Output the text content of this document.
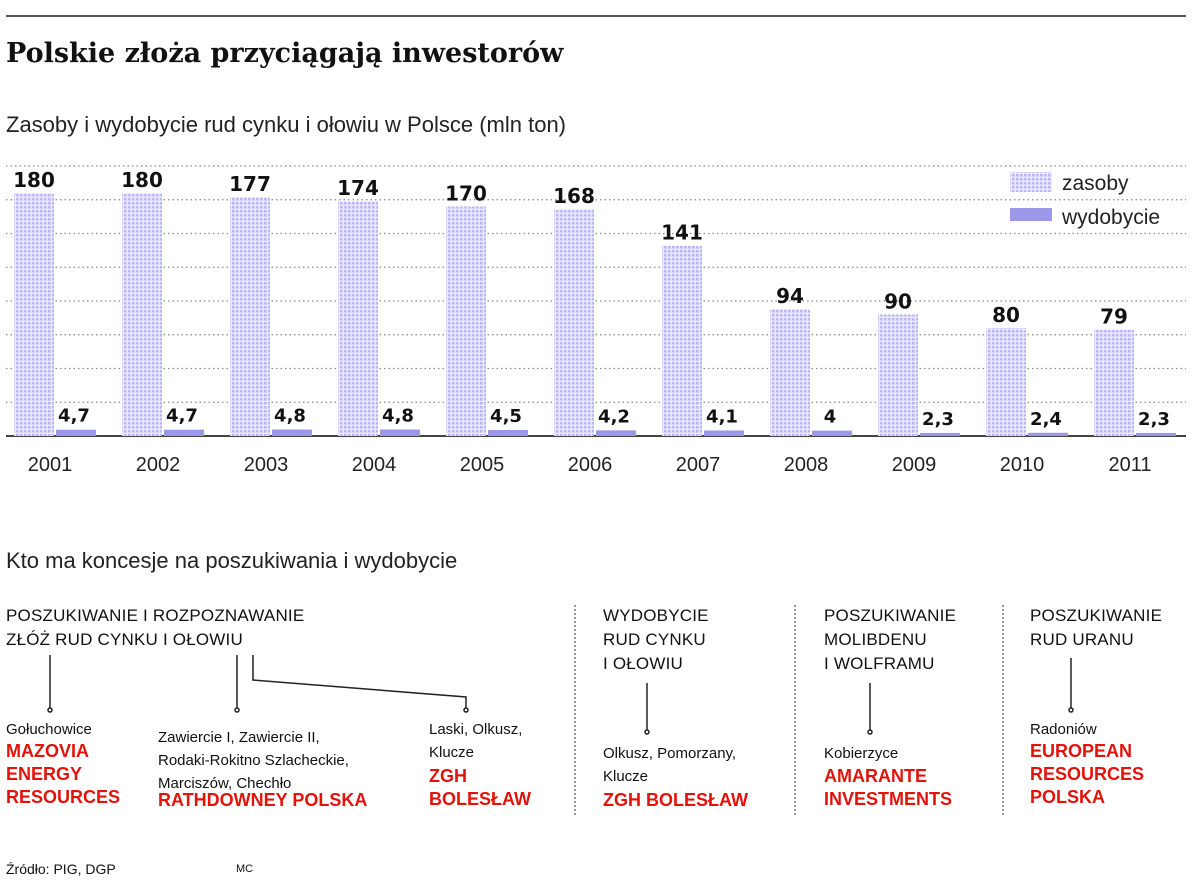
Polskie złoża przyciągają inwestorów
Zasoby i wydobycie rud cynku i ołowiu w Polsce (mln ton)
180
4,7
2001
180
4,7
2002
177
4,8
2003
174
4,8
2004
170
4,5
2005
168
4,2
2006
141
4,1
2007
94
4
2008
90
2,3
2009
80
2,4
2010
79
2,3
2011
zasoby
wydobycie
Kto ma koncesje na poszukiwania i wydobycie
POSZUKIWANIE I ROZPOZNAWANIE
ZŁÓŻ RUD CYNKU I OŁOWIU
WYDOBYCIE
RUD CYNKU
I OŁOWIU
POSZUKIWANIE
MOLIBDENU
I WOLFRAMU
POSZUKIWANIE
RUD URANU
Gołuchowice
MAZOVIA
ENERGY
RESOURCES
Zawiercie I, Zawiercie II,
Rodaki-Rokitno Szlacheckie,
Marciszów, Chechło
RATHDOWNEY POLSKA
Laski, Olkusz,
Klucze
ZGH
BOLESŁAW
Olkusz, Pomorzany,
Klucze
ZGH BOLESŁAW
Kobierzyce
AMARANTE
INVESTMENTS
Radoniów
EUROPEAN
RESOURCES
POLSKA
Źródło: PIG, DGP	MC
